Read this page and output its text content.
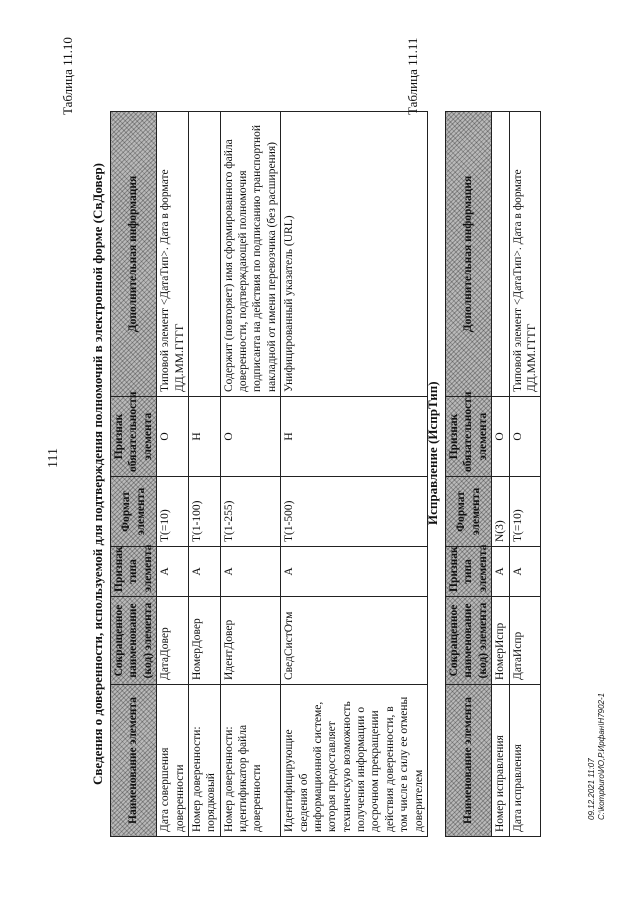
111
Таблица 11.10
Сведения о доверенности, используемой для подтверждения полномочий в электронной форме (СвДовер) Наименование элемента	Сокращенное наименование (код) элемента	Признак типа элемента	Формат элемента	Признак обязательности элемента	Дополнительная информация
Дата совершения доверенности	ДатаДовер	А	T(=10)	О	Типовой элемент <ДатаТип>. Дата в формате ДД.ММ.ГГГГ
Номер доверенности: порядковый	НомерДовер	А	T(1-100)	Н	
Номер доверенности: идентификатор файла доверенности	ИдентДовер	А	T(1-255)	О	Содержит (повторяет) имя сформированного файла доверенности, подтверждающей полномочия подписанта на действия по подписанию транспортной накладной от имени перевозчика (без расширения)
Идентифицирующие сведения об информационной системе, которая предоставляет техническую возможность получения информации о досрочном прекращении действия доверенности, в том числе в силу ее отмены доверителем	СведСистОтм	А	T(1-500)	Н	Унифицированный указатель (URL)
Таблица 11.11
Исправление (ИспрТип)
Наименование элемента	Сокращенное наименование (код) элемента	Признак типа элемента	Формат элемента	Признак обязательности элемента	Дополнительная информация
Номер исправления	НомерИспр	А	N(3)	О	
Дата исправления	ДатаИспр	А	T(=10)	О	Типовой элемент <ДатаТип>. Дата в формате ДД.ММ.ГГГГ
09.12.2021 11:07 C:\kompburo\ИО,Р.Ирфан\Н7902-1
